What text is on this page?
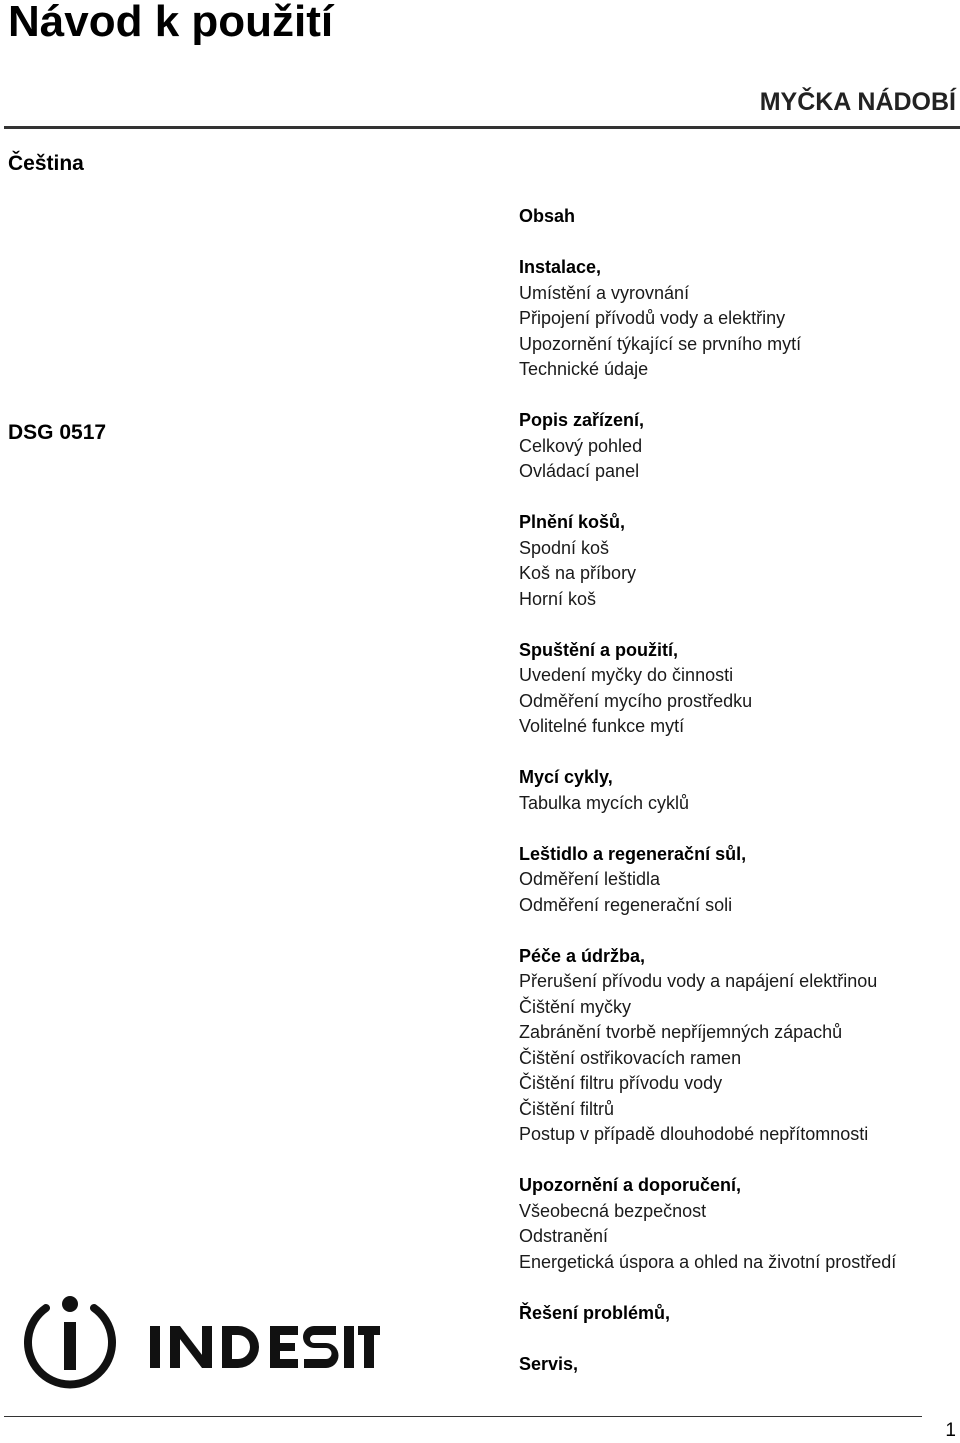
Návod k použití
MYČKA NÁDOBÍ
Čeština
DSG 0517
Obsah
Instalace,
Umístění a vyrovnání
Připojení přívodů vody a elektřiny
Upozornění týkající se prvního mytí
Technické údaje
Popis zařízení,
Celkový pohled
Ovládací panel
Plnění košů,
Spodní koš
Koš na příbory
Horní koš
Spuštění a použití,
Uvedení myčky do činnosti
Odměření mycího prostředku
Volitelné funkce mytí
Mycí cykly,
Tabulka mycích cyklů
Leštidlo a regenerační sůl,
Odměření leštidla
Odměření regenerační soli
Péče a údržba,
Přerušení přívodu vody a napájení elektřinou
Čištění myčky
Zabránění tvorbě nepříjemných zápachů
Čištění ostřikovacích ramen
Čištění filtru přívodu vody
Čištění filtrů
Postup v případě dlouhodobé nepřítomnosti
Upozornění a doporučení,
Všeobecná bezpečnost
Odstranění
Energetická úspora a ohled na životní prostředí
Řešení problémů,
Servis,
1
